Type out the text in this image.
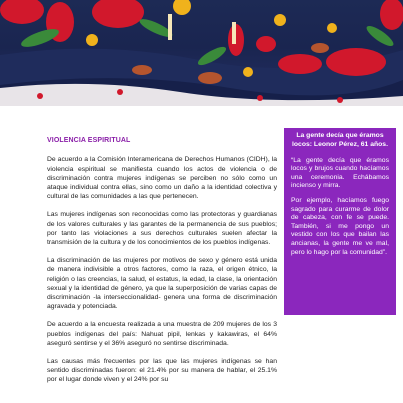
VIOLENCIA ESPIRITUAL

De acuerdo a la Comisión Interamericana de Derechos Humanos (CIDH), la violencia espiritual se manifiesta cuando los actos de violencia o de discriminación contra mujeres indígenas se perciben no sólo como un ataque individual contra ellas, sino como un daño a la identidad colectiva y cultural de las comunidades a las que pertenecen.

Las mujeres indígenas son reconocidas como las protectoras y guardianas de los valores culturales y las garantes de la permanencia de sus pueblos; por tanto las violaciones a sus derechos culturales suelen afectar la transmisión de la cultura y de los conocimientos de los pueblos indígenas.

La discriminación de las mujeres por motivos de sexo y género está unida de manera indivisible a otros factores, como la raza, el origen étnico, la religión o las creencias, la salud, el estatus, la edad, la clase, la orientación sexual y la identidad de género, ya que la superposición de varias capas de discriminación -la interseccionalidad- genera una forma de discriminación agravada y potenciada.

De acuerdo a la encuesta realizada a una muestra de 209 mujeres de los 3 pueblos indígenas del país: Nahuat pipil, lenkas y kakawiras, el 64% aseguró sentirse y el 36% aseguró no sentirse discriminada.

Las causas más frecuentes por las que las mujeres indígenas se han sentido discriminadas fueron: el 21.4% por su manera de hablar, el 25.1% por el lugar donde viven y el 24% por su

La gente decía que éramos locos: Leonor Pérez, 61 años.

“La gente decía que éramos locos y brujos cuando hacíamos una ceremonia. Echábamos incienso y mirra.

Por ejemplo, hacíamos fuego sagrado para curarme de dolor de cabeza, con fe se puede. También, si me pongo un vestido con los que bailan las ancianas, la gente me ve mal, pero lo hago por la comunidad”.
